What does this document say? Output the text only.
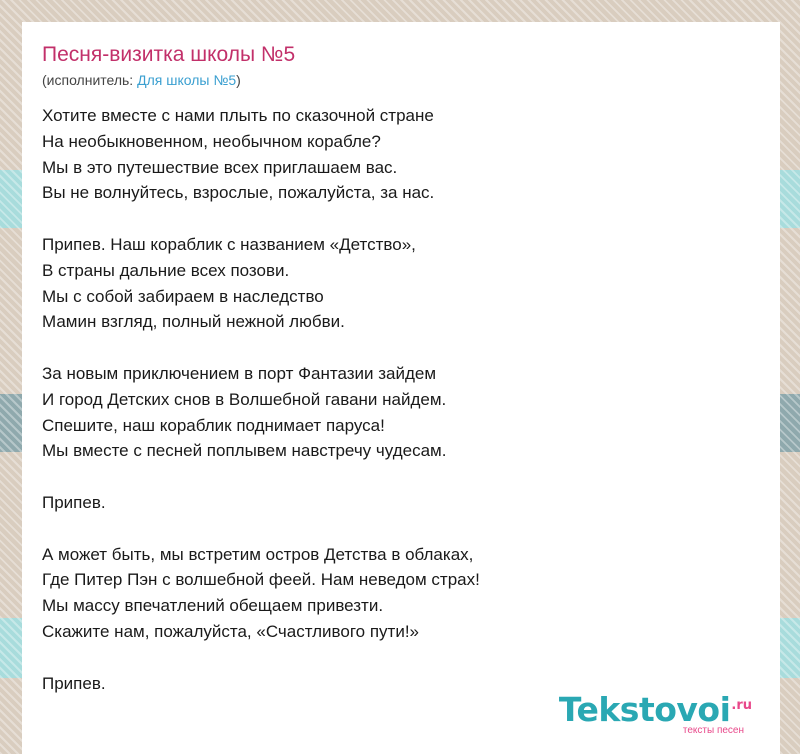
Песня-визитка школы №5
(исполнитель: Для школы №5)
Хотите вместе с нами плыть по сказочной стране
На необыкновенном, необычном корабле?
Мы в это путешествие всех приглашаем вас.
Вы не волнуйтесь, взрослые, пожалуйста, за нас.
Припев. Наш кораблик с названием «Детство»,
В страны дальние всех позови.
Мы с собой забираем в наследство
Мамин взгляд, полный нежной любви.
За новым приключением в порт Фантазии зайдем
И город Детских снов в Волшебной гавани найдем.
Спешите, наш кораблик поднимает паруса!
Мы вместе с песней поплывем навстречу чудесам.
Припев.
А может быть, мы встретим остров Детства в облаках,
Где Питер Пэн с волшебной феей. Нам неведом страх!
Мы массу впечатлений обещаем привезти.
Скажите нам, пожалуйста, «Счастливого пути!»
Припев.
Tekstovoi$^{.ru}$
тексты песен
